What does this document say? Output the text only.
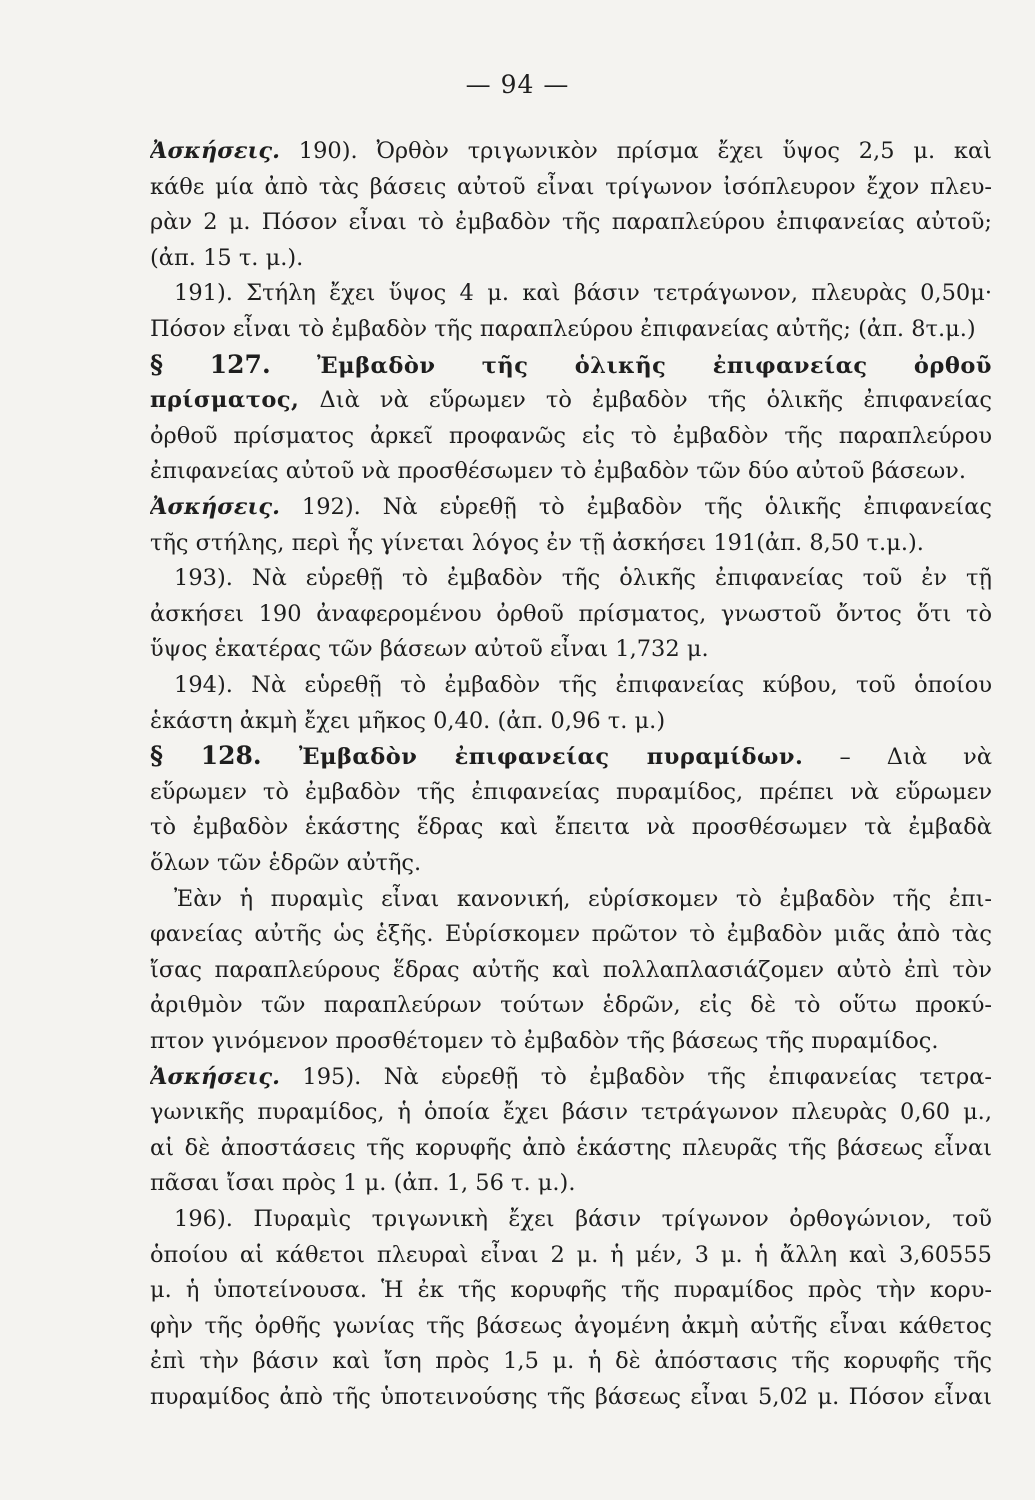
— 94 —
Ἀσκήσεις. 190). Ὀρθὸν τριγωνικὸν πρίσμα ἔχει ὕψος 2,5 μ. καὶ
κάθε μία ἀπὸ τὰς βάσεις αὐτοῦ εἶναι τρίγωνον ἰσόπλευρον ἔχον πλευ-
ρὰν 2 μ. Πόσον εἶναι τὸ ἐμβαδὸν τῆς παραπλεύρου ἐπιφανείας αὐτοῦ;
(ἀπ. 15 τ. μ.).
191). Στήλη ἔχει ὕψος 4 μ. καὶ βάσιν τετράγωνον, πλευρὰς 0,50μ·
Πόσον εἶναι τὸ ἐμβαδὸν τῆς παραπλεύρου ἐπιφανείας αὐτῆς; (ἀπ. 8τ.μ.)
§ 127. Ἐμβαδὸν τῆς ὁλικῆς ἐπιφανείας ὀρθοῦ
πρίσματος, Διὰ νὰ εὕρωμεν τὸ ἐμβαδὸν τῆς ὁλικῆς ἐπιφανείας
ὀρθοῦ πρίσματος ἀρκεῖ προφανῶς εἰς τὸ ἐμβαδὸν τῆς παραπλεύρου
ἐπιφανείας αὐτοῦ νὰ προσθέσωμεν τὸ ἐμβαδὸν τῶν δύο αὐτοῦ βάσεων.
Ἀσκήσεις. 192). Νὰ εὑρεθῇ τὸ ἐμβαδὸν τῆς ὁλικῆς ἐπιφανείας
τῆς στήλης, περὶ ἧς γίνεται λόγος ἐν τῇ ἀσκήσει 191(ἀπ. 8,50 τ.μ.).
193). Νὰ εὑρεθῇ τὸ ἐμβαδὸν τῆς ὁλικῆς ἐπιφανείας τοῦ ἐν τῇ
ἀσκήσει 190 ἀναφερομένου ὀρθοῦ πρίσματος, γνωστοῦ ὄντος ὅτι τὸ
ὕψος ἑκατέρας τῶν βάσεων αὐτοῦ εἶναι 1,732 μ.
194). Νὰ εὑρεθῇ τὸ ἐμβαδὸν τῆς ἐπιφανείας κύβου, τοῦ ὁποίου
ἑκάστη ἀκμὴ ἔχει μῆκος 0,40. (ἀπ. 0,96 τ. μ.)
§ 128. Ἐμβαδὸν ἐπιφανείας πυραμίδων. – Διὰ νὰ
εὕρωμεν τὸ ἐμβαδὸν τῆς ἐπιφανείας πυραμίδος, πρέπει νὰ εὕρωμεν
τὸ ἐμβαδὸν ἑκάστης ἕδρας καὶ ἔπειτα νὰ προσθέσωμεν τὰ ἐμβαδὰ
ὅλων τῶν ἑδρῶν αὐτῆς.
Ἐὰν ἡ πυραμὶς εἶναι κανονική, εὑρίσκομεν τὸ ἐμβαδὸν τῆς ἐπι-
φανείας αὐτῆς ὡς ἑξῆς. Εὑρίσκομεν πρῶτον τὸ ἐμβαδὸν μιᾶς ἀπὸ τὰς
ἴσας παραπλεύρους ἕδρας αὐτῆς καὶ πολλαπλασιάζομεν αὐτὸ ἐπὶ τὸν
ἀριθμὸν τῶν παραπλεύρων τούτων ἑδρῶν, εἰς δὲ τὸ οὕτω προκύ-
πτον γινόμενον προσθέτομεν τὸ ἐμβαδὸν τῆς βάσεως τῆς πυραμίδος.
Ἀσκήσεις. 195). Νὰ εὑρεθῇ τὸ ἐμβαδὸν τῆς ἐπιφανείας τετρα-
γωνικῆς πυραμίδος, ἡ ὁποία ἔχει βάσιν τετράγωνον πλευρὰς 0,60 μ.,
αἱ δὲ ἀποστάσεις τῆς κορυφῆς ἀπὸ ἑκάστης πλευρᾶς τῆς βάσεως εἶναι
πᾶσαι ἴσαι πρὸς 1 μ. (ἀπ. 1, 56 τ. μ.).
196). Πυραμὶς τριγωνικὴ ἔχει βάσιν τρίγωνον ὀρθογώνιον, τοῦ
ὁποίου αἱ κάθετοι πλευραὶ εἶναι 2 μ. ἡ μέν, 3 μ. ἡ ἄλλη καὶ 3,60555
μ. ἡ ὑποτείνουσα. Ἡ ἐκ τῆς κορυφῆς τῆς πυραμίδος πρὸς τὴν κορυ-
φὴν τῆς ὀρθῆς γωνίας τῆς βάσεως ἀγομένη ἀκμὴ αὐτῆς εἶναι κάθετος
ἐπὶ τὴν βάσιν καὶ ἴση πρὸς 1,5 μ. ἡ δὲ ἀπόστασις τῆς κορυφῆς τῆς
πυραμίδος ἀπὸ τῆς ὑποτεινούσης τῆς βάσεως εἶναι 5,02 μ. Πόσον εἶναι
